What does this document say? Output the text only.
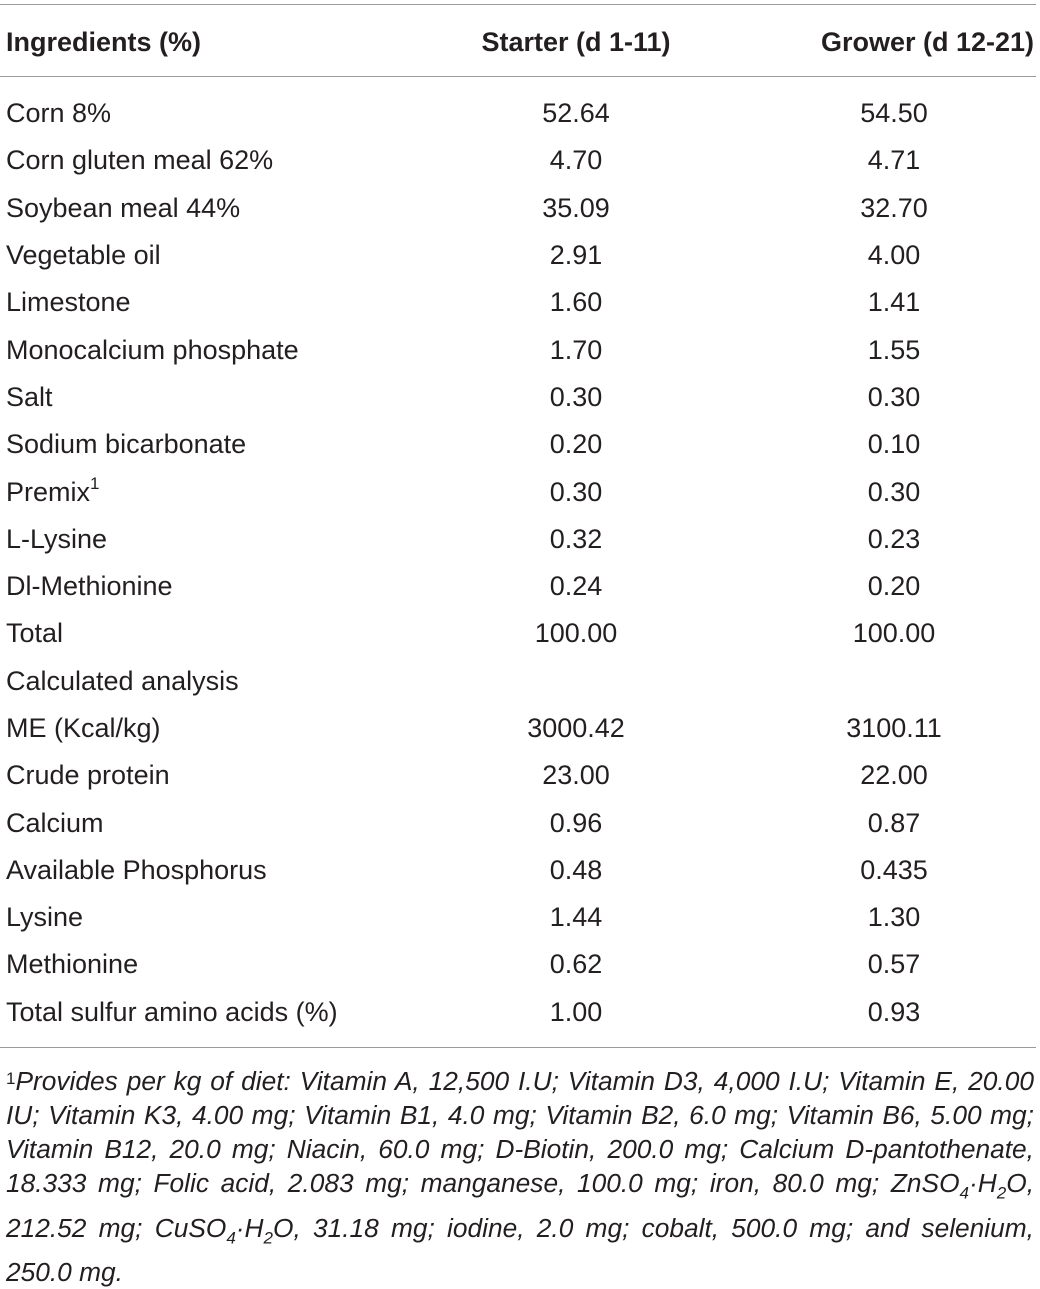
Ingredients (%)	Starter (d 1-11)	Grower (d 12-21)

Corn 8%	52.64	54.50
Corn gluten meal 62%	4.70	4.71
Soybean meal 44%	35.09	32.70
Vegetable oil	2.91	4.00
Limestone	1.60	1.41
Monocalcium phosphate	1.70	1.55
Salt	0.30	0.30
Sodium bicarbonate	0.20	0.10
Premix$^1$	0.30	0.30
L-Lysine	0.32	0.23
Dl-Methionine	0.24	0.20
Total	100.00	100.00
Calculated analysis		
ME (Kcal/kg)	3000.42	3100.11
Crude protein	23.00	22.00
Calcium	0.96	0.87
Available Phosphorus	0.48	0.435
Lysine	1.44	1.30
Methionine	0.62	0.57
Total sulfur amino acids (%)	1.00	0.93
$^1$Provides per kg of diet: Vitamin A, 12,500 I.U; Vitamin D3, 4,000 I.U; Vitamin E, 20.00 IU; Vitamin K3, 4.00 mg; Vitamin B1, 4.0 mg; Vitamin B2, 6.0 mg; Vitamin B6, 5.00 mg; Vitamin B12, 20.0 mg; Niacin, 60.0 mg; D-Biotin, 200.0 mg; Calcium D-pantothenate, 18.333 mg; Folic acid, 2.083 mg; manganese, 100.0 mg; iron, 80.0 mg; $ZnSO_4\cdot H_2O$, 212.52 mg; $CuSO_4\cdot H_2O$, 31.18 mg; iodine, 2.0 mg; cobalt, 500.0 mg; and selenium, 250.0 mg.
